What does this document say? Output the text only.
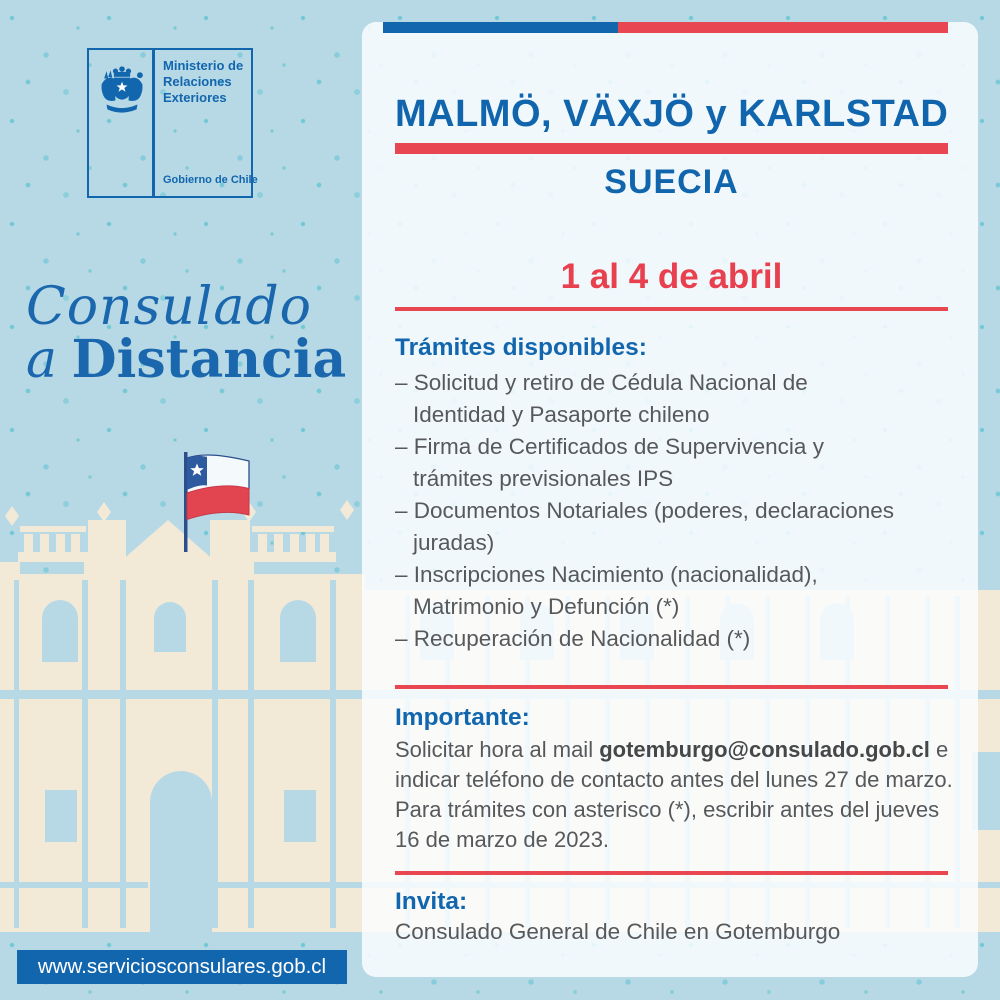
MALMÖ, VÄXJÖ y KARLSTAD
SUECIA
1 al 4 de abril
Trámites disponibles:
– Solicitud y retiro de Cédula Nacional de Identidad y Pasaporte chileno
– Firma de Certificados de Supervivencia y trámites previsionales IPS
– Documentos Notariales (poderes, declaraciones juradas)
– Inscripciones Nacimiento (nacionalidad), Matrimonio y Defunción (*)
– Recuperación de Nacionalidad (*)
Importante:

Solicitar hora al mail gotemburgo@consulado.gob.cl e indicar teléfono de contacto antes del lunes 27 de marzo. Para trámites con asterisco (*), escribir antes del jueves 16 de marzo de 2023.

Invita:

Consulado General de Chile en Gotemburgo

Ministerio de
Relaciones
Exteriores
Gobierno de Chile
Consulado
a Distancia
www.serviciosconsulares.gob.cl
